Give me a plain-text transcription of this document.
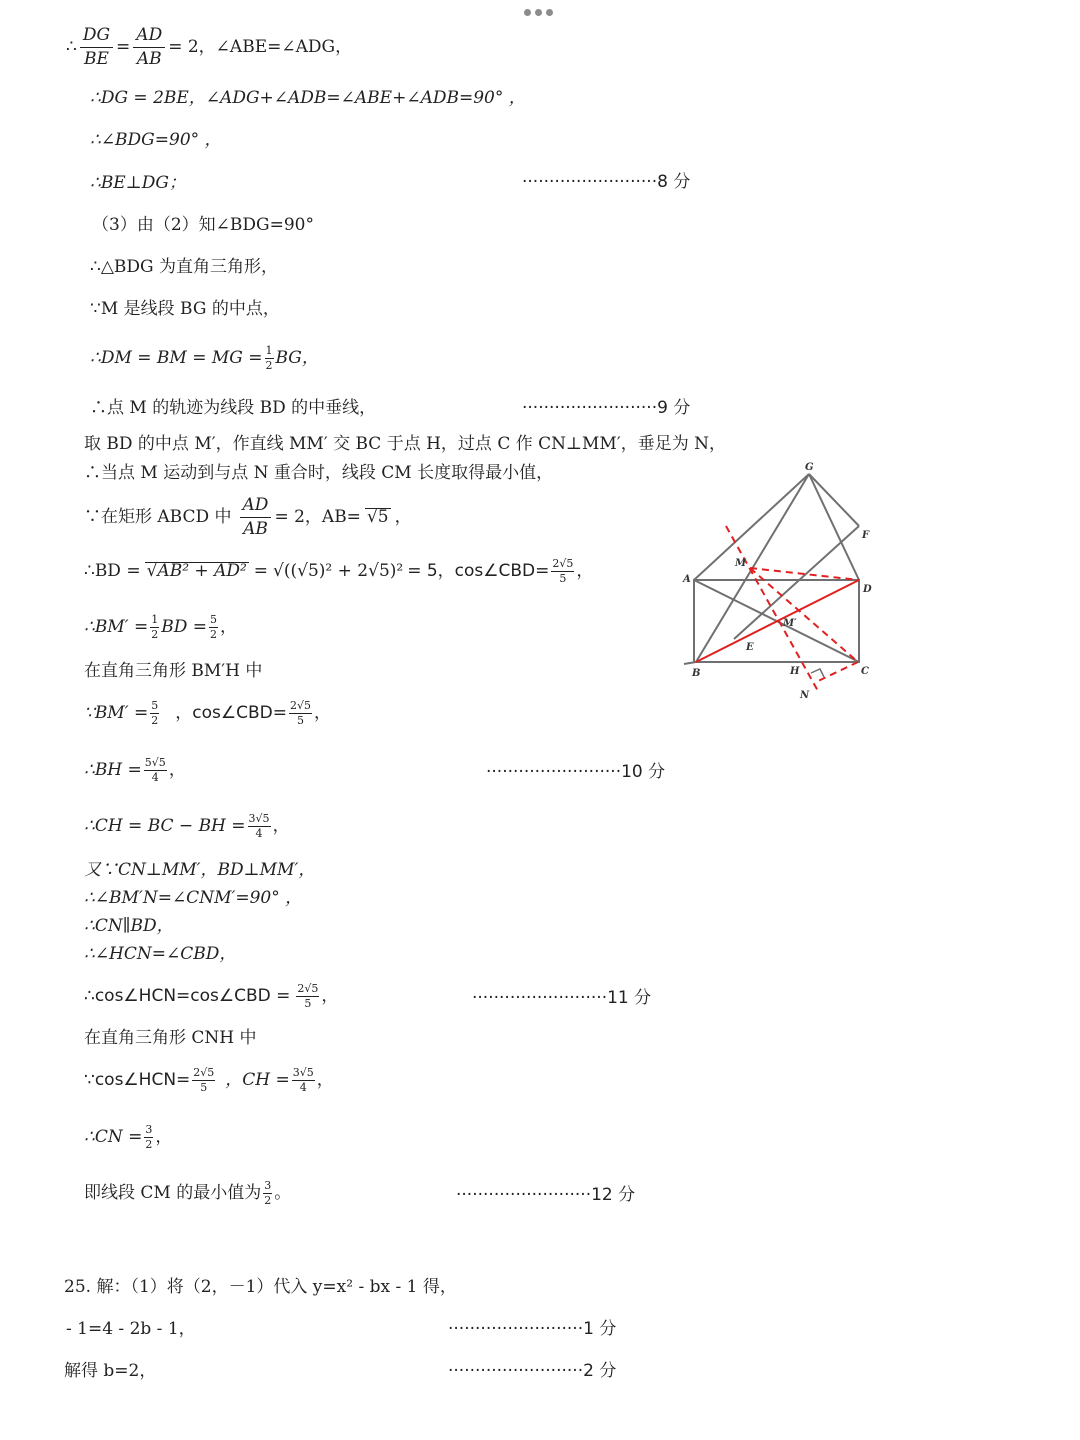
∴ $\frac{DG}{BE} = \frac{AD}{AB} = 2$，∠ABE=∠ADG，
∴DG = 2BE，∠ADG+∠ADB=∠ABE+∠ADB=90° ，
∴∠BDG=90° ，
∴BE⊥DG；	·························8 分
（3）由（2）知∠BDG=90°
∴△BDG 为直角三角形，
∵M 是线段 BG 的中点，
∴DM = BM = MG = $\frac{1}{2}$ BG，
∴点 M 的轨迹为线段 BD 的中垂线，	·························9 分
取 BD 的中点 M′，作直线 MM′ 交 BC 于点 H，过点 C 作 CN⊥MM′，垂足为 N，
∴当点 M 运动到与点 N 重合时，线段 CM 长度取得最小值，
∵在矩形 ABCD 中 $\frac{AD}{AB} = 2$，AB= √5 ，
∴BD = √AB² + AD² = √((√5)² + 2√5)² = 5，cos∠CBD= $\frac{2√5}{5}$ ，
∴BM′ = $\frac{1}{2}$ BD = $\frac{5}{2}$ ，
在直角三角形 BM′H 中
∵BM′ = $\frac{5}{2}$ ，cos∠CBD= $\frac{2√5}{5}$ ，
∴BH = $\frac{5√5}{4}$ ，	·························10 分
∴CH = BC − BH = $\frac{3√5}{4}$ ，
又∵CN⊥MM′，BD⊥MM′，
∴∠BM′N=∠CNM′=90° ，
∴CN∥BD，
∴∠HCN=∠CBD，
∴cos∠HCN=cos∠CBD = $\frac{2√5}{5}$ ，	·························11 分
在直角三角形 CNH 中
∵cos∠HCN= $\frac{2√5}{5}$ ，CH = $\frac{3√5}{4}$ ，
∴CN = $\frac{3}{2}$ ，
即线段 CM 的最小值为 $\frac{3}{2}$ 。	·························12 分
25. 解：（1）将（2，－1）代入 y=x² - bx - 1 得，
- 1=4 - 2b - 1，	·························1 分
解得 b=2，	·························2 分
G
F
A
D
M
M′
E
B	H	C
N
